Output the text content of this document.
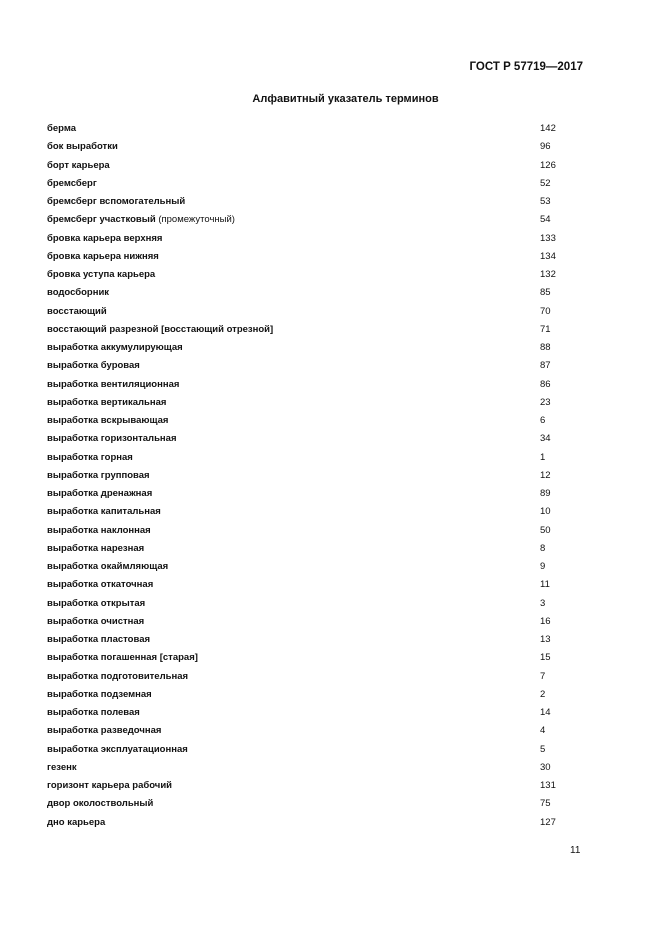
ГОСТ Р 57719—2017
Алфавитный указатель терминов
берма	142
бок выработки	96
борт карьера	126
бремсберг	52
бремсберг вспомогательный	53
бремсберг участковый (промежуточный)	54
бровка карьера верхняя	133
бровка карьера нижняя	134
бровка уступа карьера	132
водосборник	85
восстающий	70
восстающий разрезной [восстающий отрезной]	71
выработка аккумулирующая	88
выработка буровая	87
выработка вентиляционная	86
выработка вертикальная	23
выработка вскрывающая	6
выработка горизонтальная	34
выработка горная	1
выработка групповая	12
выработка дренажная	89
выработка капитальная	10
выработка наклонная	50
выработка нарезная	8
выработка окаймляющая	9
выработка откаточная	11
выработка открытая	3
выработка очистная	16
выработка пластовая	13
выработка погашенная [старая]	15
выработка подготовительная	7
выработка подземная	2
выработка полевая	14
выработка разведочная	4
выработка эксплуатационная	5
гезенк	30
горизонт карьера рабочий	131
двор околоствольный	75
дно карьера	127
11
